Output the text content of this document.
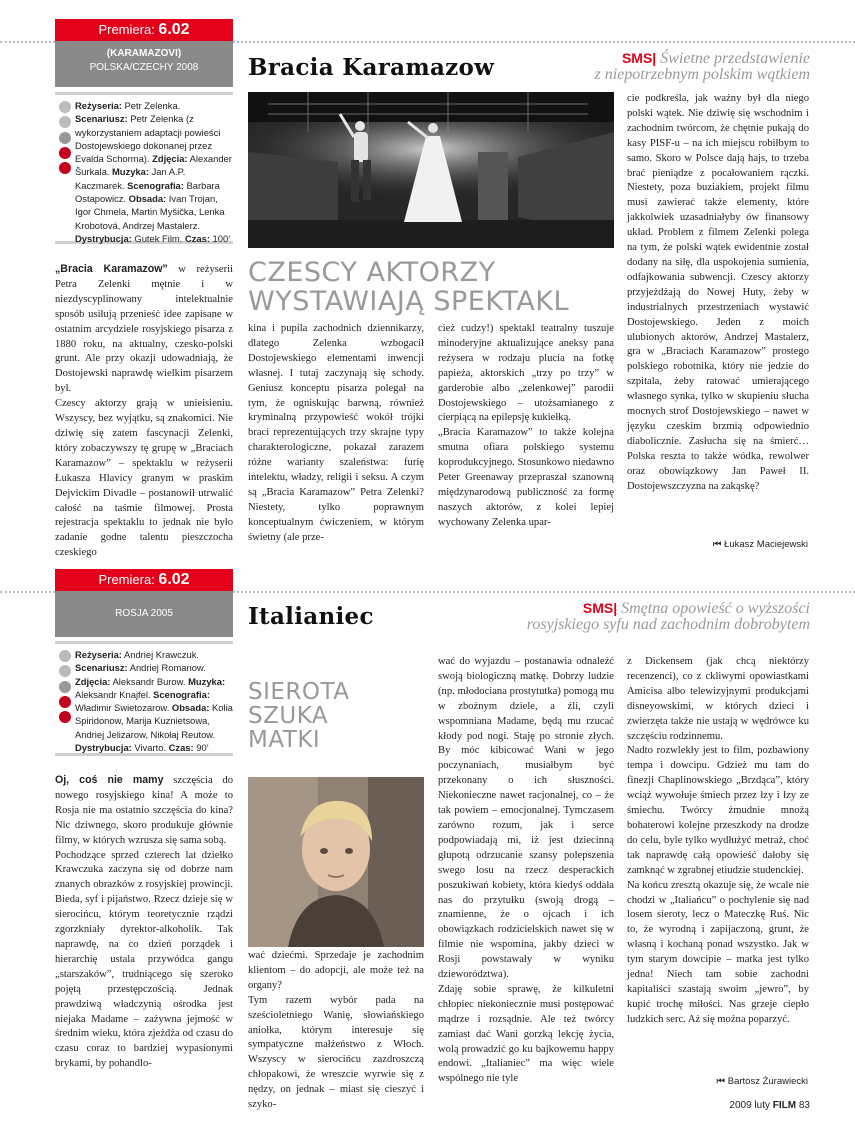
Premiera: 6.02
(KARAMAZOVI)
POLSKA/CZECHY 2008	Bracia Karamazow	SMS| Świetne przedstawienie
z niepotrzebnym polskim wątkiem
Reżyseria: Petr Zelenka. Scenariusz: Petr Zelenka (z wykorzystaniem adaptacji powieści Dostojewskiego dokonanej przez Evalda Schorma). Zdjęcia: Alexander Šurkala. Muzyka: Jan A.P. Kaczmarek. Scenografia: Barbara Ostapowicz. Obsada: Ivan Trojan, Igor Chmela, Martin Myšička, Lenka Krobotová, Andrzej Mastalerz. Dystrybucja: Gutek Film. Czas: 100’
CZESCY AKTORZY
WYSTAWIAJĄ SPEKTAKL

„Bracia Karamazow” w reżyserii Petra Zelenki mętnie i w niezdyscyplinowany intelektualnie sposób usiłują przenieść idee zapisane w ostatnim arcydziele rosyjskiego pisarza z 1880 roku, na aktualny, czesko-polski grunt. Ale przy okazji udowadniają, że Dostojewski naprawdę wielkim pisarzem był.

Czescy aktorzy grają w unieisieniu. Wszyscy, bez wyjątku, są znakomici. Nie dziwię się zatem fascynacji Zelenki, który zobaczywszy tę grupę w „Braciach Karamazow” – spektaklu w reżyserii Łukasza Hlavicy granym w praskim Dejvickim Divadle – postanowił utrwalić całość na taśmie filmowej. Prosta rejestracja spektaklu to jednak nie było zadanie godne talentu pieszczocha czeskiego

kina i pupila zachodnich dziennikarzy, dlatego Zelenka wzbogacił Dostojewskiego elementami inwencji własnej. I tutaj zaczynają się schody. Geniusz konceptu pisarza polegał na tym, że ogniskując barwną, również kryminalną przypowieść wokół trójki braci reprezentujących trzy skrajne typy charakterologiczne, pokazał zarazem różne warianty szaleństwa: furię intelektu, władzy, religii i seksu. A czym są „Bracia Karamazow” Petra Zelenki? Niestety, tylko poprawnym konceptualnym ćwiczeniem, w którym świetny (ale prze-

cież cudzy!) spektakl teatralny tuszuje minoderyjne aktualizujące aneksy pana reżysera w rodzaju plucia na fotkę papieża, aktorskich „trzy po trzy” w garderobie albo „zelenkowej” parodii Dostojewskiego – utożsamianego z cierpiącą na epilepsję kukiełką.

„Bracia Karamazow” to także kolejna smutna ofiara polskiego systemu koprodukcyjnego. Stosunkowo niedawno Peter Greenaway przepraszał szanowną międzynarodową publiczność za formę naszych aktorów, z kolei lepiej wychowany Zelenka upar-

cie podkreśla, jak ważny był dla niego polski wątek. Nie dziwię się wschodnim i zachodnim twórcom, że chętnie pukają do kasy PISF-u – na ich miejscu robiłbym to samo. Skoro w Polsce dają hajs, to trzeba brać pieniądze z pocałowaniem rączki. Niestety, poza buziakiem, projekt filmu musi zawierać także elementy, które jakkolwiek uzasadniałyby ów finansowy układ. Problem z filmem Zelenki polega na tym, że polski wątek ewidentnie został dodany na siłę, dla uspokojenia sumienia, odfajkowania subwencji. Czescy aktorzy przyjeżdżają do Nowej Huty, żeby w industrialnych przestrzeniach wystawić Dostojewskiego. Jeden z moich ulubionych aktorów, Andrzej Mastalerz, gra w „Braciach Karamazow” prostego polskiego robotnika, który nie jedzie do szpitala, żeby ratować umierającego własnego synka, tylko w skupieniu słucha mocnych strof Dostojewskiego – nawet w języku czeskim brzmią odpowiednio diabolicznie. Zasłucha się na śmierć… Polska reszta to także wódka, rewolwer oraz obowiązkowy Jan Paweł II. Dostojewszczyzna na zakąskę?

⏮ Łukasz Maciejewski
Premiera: 6.02
ROSJA 2005	Italianiec	SMS| Smętna opowieść o wyższości
rosyjskiego syfu nad zachodnim dobrobytem
Reżyseria: Andriej Krawczuk. Scenariusz: Andriej Romanow. Zdjęcia: Aleksandr Burow. Muzyka: Aleksandr Knajfel. Scenografia: Władimir Swietozarow. Obsada: Kolia Spiridonow, Marija Kuznietsowa, Andriej Jelizarow, Nikołaj Reutow. Dystrybucja: Vivarto. Czas: 90’
SIEROTA
SZUKA
MATKI

Oj, coś nie mamy szczęścia do nowego rosyjskiego kina! A może to Rosja nie ma ostatnio szczęścia do kina? Nic dziwnego, skoro produkuje głównie filmy, w których wzrusza się sama sobą.

Pochodzące sprzed czterech lat dziełko Krawczuka zaczyna się od dobrze nam znanych obrazków z rosyjskiej prowincji. Bieda, syf i pijaństwo. Rzecz dzieje się w sierocińcu, którym teoretycznie rządzi zgorzkniały dyrektor-alkoholik. Tak naprawdę, na co dzień porządek i hierarchię ustala przywódca gangu „starszaków”, trudniącego się szeroko pojętą przestępczością. Jednak prawdziwą władczynią ośrodka jest niejaka Madame – zażywna jejmość w średnim wieku, która zjeżdża od czasu do czasu coraz to bardziej wypasionymi brykami, by pohandlo-

wać dziećmi. Sprzedaje je zachodnim klientom – do adopcji, ale może też na organy?

Tym razem wybór pada na sześcioletniego Wanię, słowiańskiego aniołka, którym interesuje się sympatyczne małżeństwo z Włoch. Wszyscy w sierocińcu zazdroszczą chłopakowi, że wreszcie wyrwie się z nędzy, on jednak – miast się cieszyć i szyko-

wać do wyjazdu – postanawia odnaleźć swoją biologiczną matkę. Dobrzy ludzie (np. młodociana prostytutka) pomogą mu w zbożnym dziele, a źli, czyli wspomniana Madame, będą mu rzucać kłody pod nogi. Staję po stronie złych. By móc kibicować Wani w jego poczynaniach, musiałbym być przekonany o ich słuszności. Niekonieczne nawet racjonalnej, co – że tak powiem – emocjonalnej. Tymczasem zarówno rozum, jak i serce podpowiadają mi, iż jest dziecinną głupotą odrzucanie szansy polepszenia swego losu na rzecz desperackich poszukiwań kobiety, która kiedyś oddała nas do przytułku (swoją drogą – znamienne, że o ojcach i ich obowiązkach rodzicielskich nawet się w filmie nie wspomina, jakby dzieci w Rosji powstawały w wyniku dzieworództwa).

Zdaję sobie sprawę, że kilkuletni chłopiec niekoniecznie musi postępować mądrze i rozsądnie. Ale też twórcy zamiast dać Wani gorzką lekcję życia, wolą prowadzić go ku bajkowemu happy endowi. „Italianiec” ma więc wiele wspólnego nie tyle

z Dickensem (jak chcą niektórzy recenzenci), co z ckliwymi opowiastkami Amicisa albo telewizyjnymi produkcjami disneyowskimi, w których dzieci i zwierzęta także nie ustają w wędrówce ku szczęściu rodzinnemu.

Nadto rozwlekły jest to film, pozbawiony tempa i dowcipu. Gdzież mu tam do finezji Chaplinowskiego „Brzdąca”, który wciąż wywołuje śmiech przez łzy i łzy ze śmiechu. Twórcy żmudnie mnożą bohaterowi kolejne przeszkody na drodze do celu, byle tylko wydłużyć metraż, choć tak naprawdę całą opowieść dałoby się zamknąć w zgrabnej etiudzie studenckiej.

Na końcu zresztą okazuje się, że wcale nie chodzi w „Italiańcu” o pochylenie się nad losem sieroty, lecz o Mateczkę Ruś. Nic to, że wyrodną i zapijaczoną, grunt, że własną i kochaną ponad wszystko. Jak w tym starym dowcipie – matka jest tylko jedna! Niech tam sobie zachodni kapitaliści szastają swoim „jewro”, by kupić trochę miłości. Nas grzeje ciepło ludzkich serc. Aż się można poparzyć.

⏮ Bartosz Żurawiecki
2009 luty FILM 83
